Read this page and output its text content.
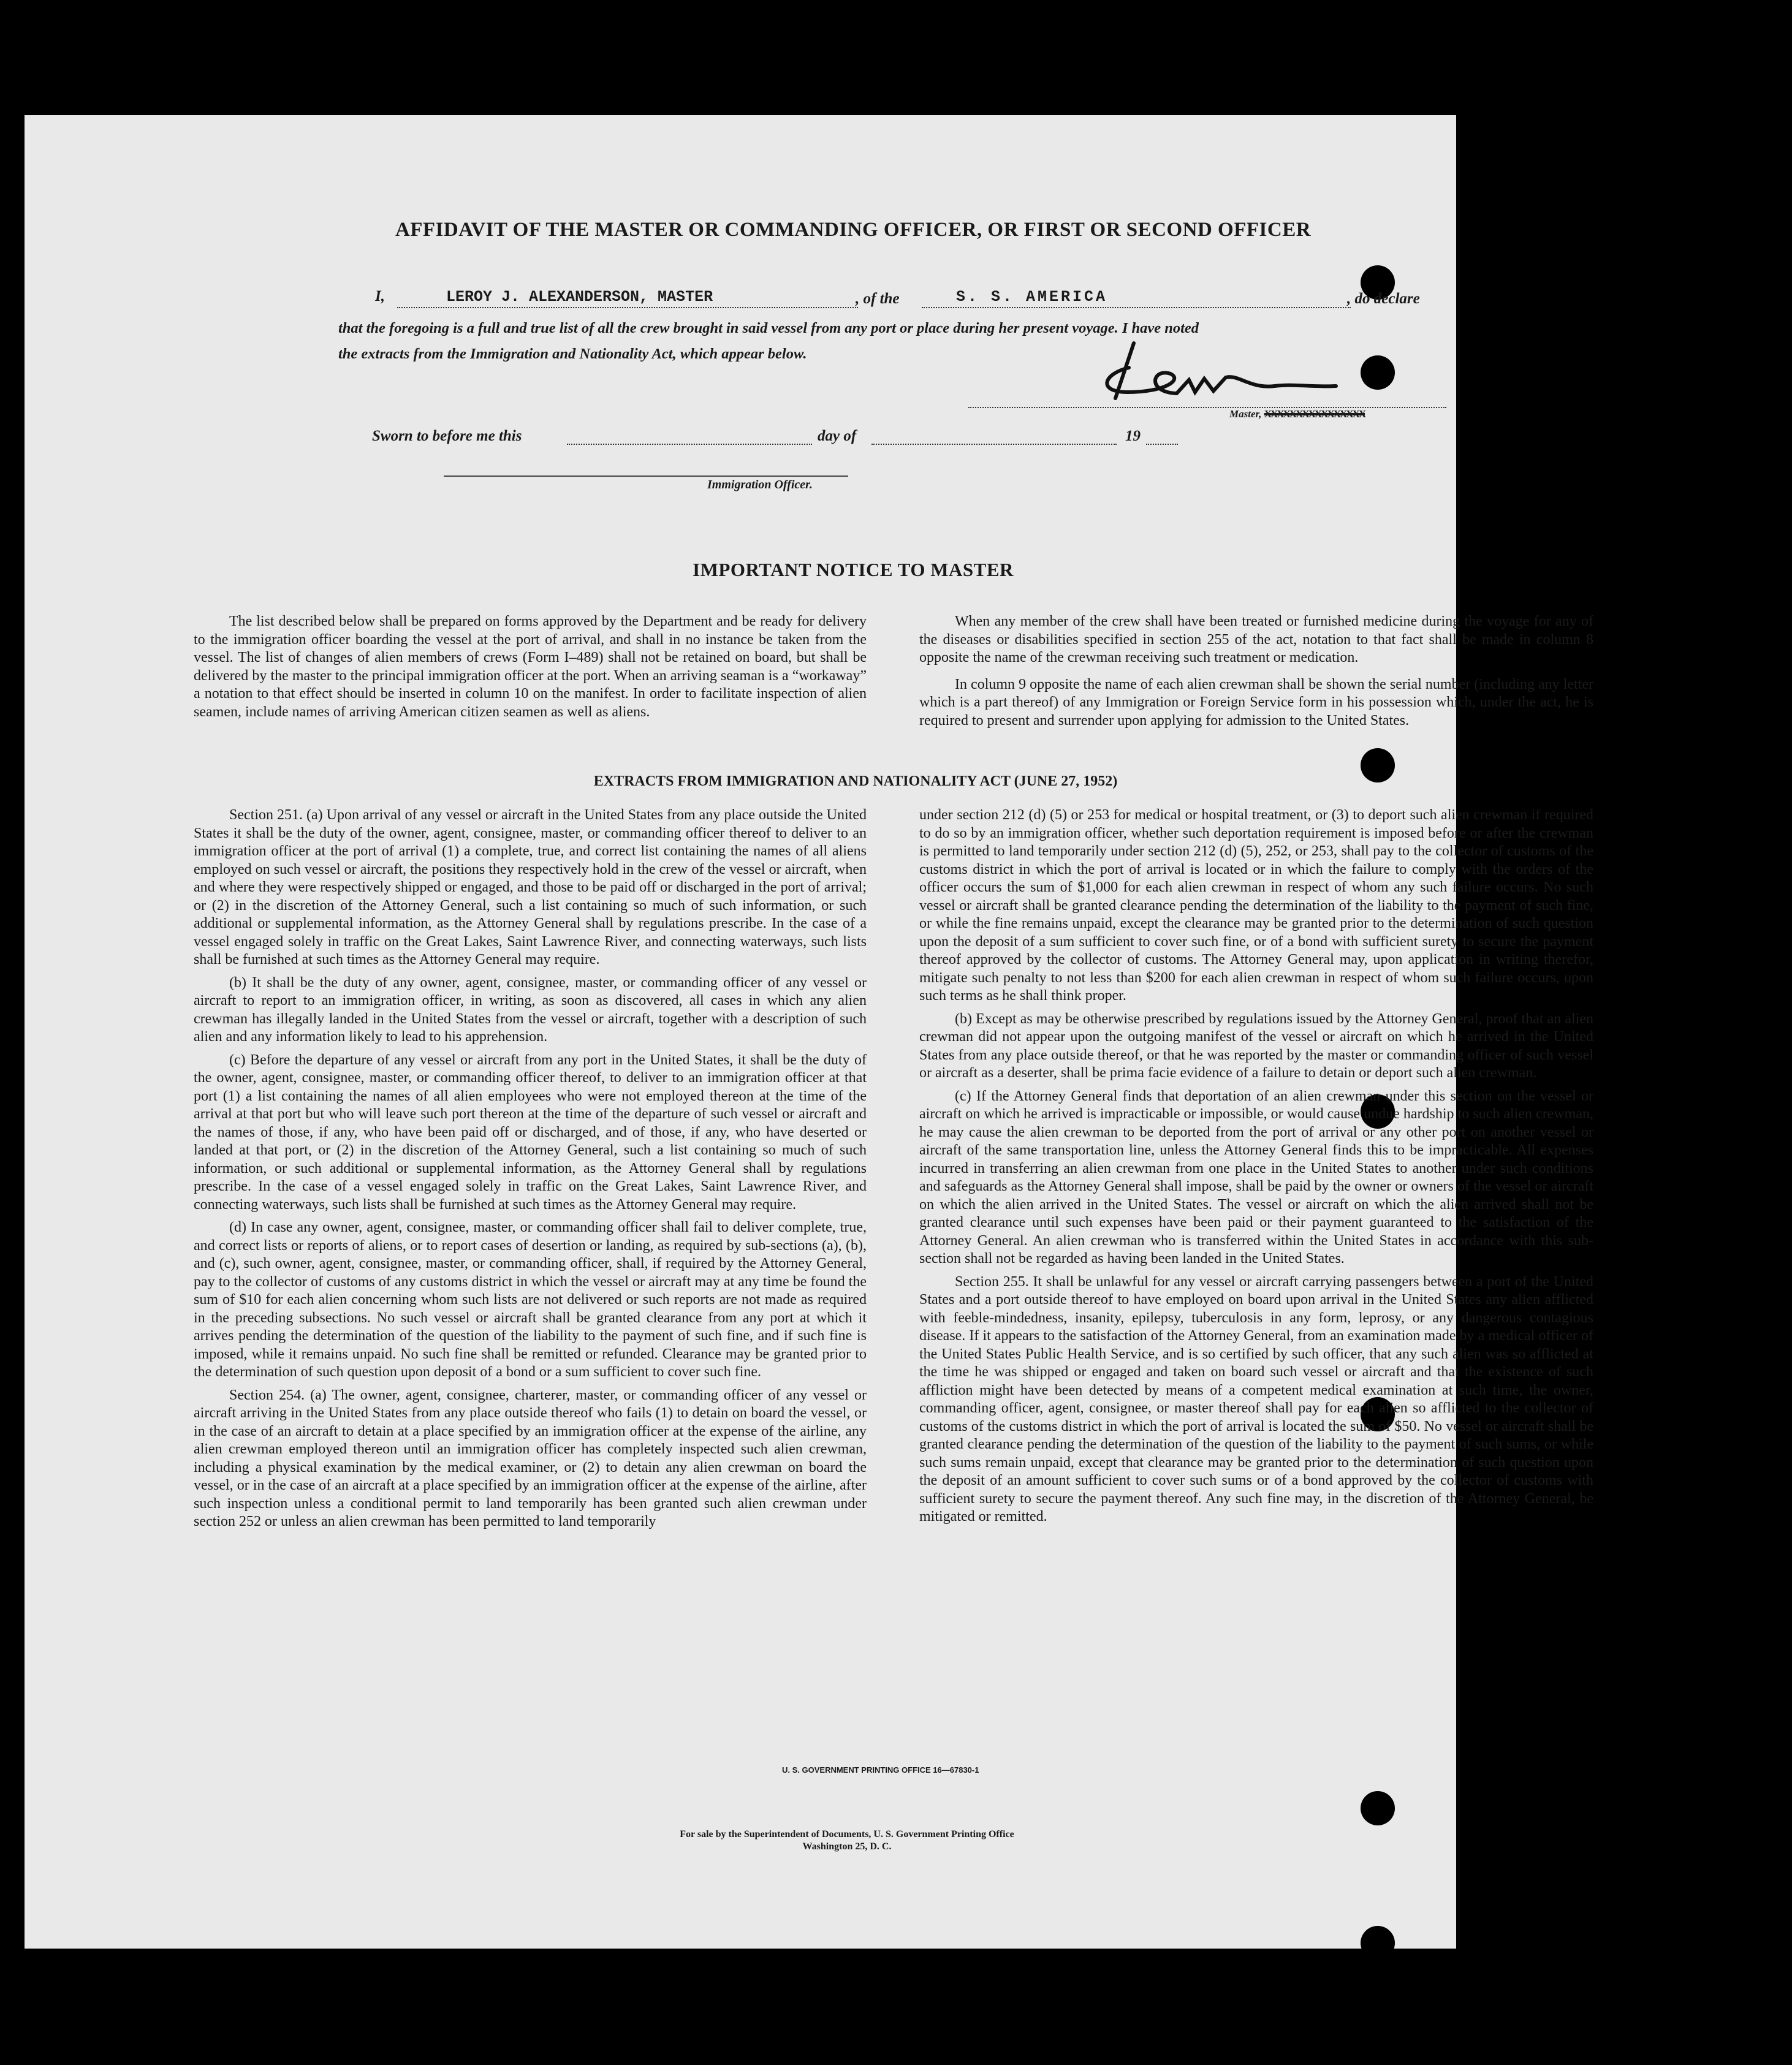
AFFIDAVIT OF THE MASTER OR COMMANDING OFFICER, OR FIRST OR SECOND OFFICER
I,	LEROY J. ALEXANDERSON, MASTER	, of the	S. S. AMERICA	, do declare
that the foregoing is a full and true list of all the crew brought in said vessel from any port or place during her present voyage. I have noted
the extracts from the Immigration and Nationality Act, which appear below.
Master, XXXXXXXXXXXXXXXX
Sworn to before me this	day of	19
Immigration Officer.
IMPORTANT NOTICE TO MASTER

The list described below shall be prepared on forms approved by the Department and be ready for delivery to the immigration officer boarding the vessel at the port of arrival, and shall in no instance be taken from the vessel. The list of changes of alien members of crews (Form I–489) shall not be retained on board, but shall be delivered by the master to the principal immigration officer at the port. When an arriving seaman is a “workaway” a notation to that effect should be inserted in column 10 on the manifest. In order to facilitate inspection of alien seamen, include names of arriving American citizen seamen as well as aliens.

When any member of the crew shall have been treated or furnished medicine during the voyage for any of the diseases or disabilities specified in section 255 of the act, notation to that fact shall be made in column 8 opposite the name of the crewman receiving such treatment or medication.

In column 9 opposite the name of each alien crewman shall be shown the serial number (including any letter which is a part thereof) of any Immigration or Foreign Service form in his possession which, under the act, he is required to present and surrender upon applying for admission to the United States.

EXTRACTS FROM IMMIGRATION AND NATIONALITY ACT (JUNE 27, 1952)

Section 251. (a) Upon arrival of any vessel or aircraft in the United States from any place outside the United States it shall be the duty of the owner, agent, consignee, master, or commanding officer thereof to deliver to an immigration officer at the port of arrival (1) a complete, true, and correct list containing the names of all aliens employed on such vessel or aircraft, the positions they respectively hold in the crew of the vessel or aircraft, when and where they were respectively shipped or engaged, and those to be paid off or discharged in the port of arrival; or (2) in the discretion of the Attorney General, such a list containing so much of such information, or such additional or supplemental information, as the Attorney General shall by regulations prescribe. In the case of a vessel engaged solely in traffic on the Great Lakes, Saint Lawrence River, and connecting waterways, such lists shall be furnished at such times as the Attorney General may require.

(b) It shall be the duty of any owner, agent, consignee, master, or commanding officer of any vessel or aircraft to report to an immigration officer, in writing, as soon as discovered, all cases in which any alien crewman has illegally landed in the United States from the vessel or aircraft, together with a description of such alien and any information likely to lead to his apprehension.

(c) Before the departure of any vessel or aircraft from any port in the United States, it shall be the duty of the owner, agent, consignee, master, or commanding officer thereof, to deliver to an immigration officer at that port (1) a list containing the names of all alien employees who were not employed thereon at the time of the arrival at that port but who will leave such port thereon at the time of the departure of such vessel or aircraft and the names of those, if any, who have been paid off or discharged, and of those, if any, who have deserted or landed at that port, or (2) in the discretion of the Attorney General, such a list containing so much of such information, or such additional or supplemental information, as the Attorney General shall by regulations prescribe. In the case of a vessel engaged solely in traffic on the Great Lakes, Saint Lawrence River, and connecting waterways, such lists shall be furnished at such times as the Attorney General may require.

(d) In case any owner, agent, consignee, master, or commanding officer shall fail to deliver complete, true, and correct lists or reports of aliens, or to report cases of desertion or landing, as required by sub-sections (a), (b), and (c), such owner, agent, consignee, master, or commanding officer, shall, if required by the Attorney General, pay to the collector of customs of any customs district in which the vessel or aircraft may at any time be found the sum of $10 for each alien concerning whom such lists are not delivered or such reports are not made as required in the preceding subsections. No such vessel or aircraft shall be granted clearance from any port at which it arrives pending the determination of the question of the liability to the payment of such fine, and if such fine is imposed, while it remains unpaid. No such fine shall be remitted or refunded. Clearance may be granted prior to the determination of such question upon deposit of a bond or a sum sufficient to cover such fine.

Section 254. (a) The owner, agent, consignee, charterer, master, or commanding officer of any vessel or aircraft arriving in the United States from any place outside thereof who fails (1) to detain on board the vessel, or in the case of an aircraft to detain at a place specified by an immigration officer at the expense of the airline, any alien crewman employed thereon until an immigration officer has completely inspected such alien crewman, including a physical examination by the medical examiner, or (2) to detain any alien crewman on board the vessel, or in the case of an aircraft at a place specified by an immigration officer at the expense of the airline, after such inspection unless a conditional permit to land temporarily has been granted such alien crewman under section 252 or unless an alien crewman has been permitted to land temporarily

under section 212 (d) (5) or 253 for medical or hospital treatment, or (3) to deport such alien crewman if required to do so by an immigration officer, whether such deportation requirement is imposed before or after the crewman is permitted to land temporarily under section 212 (d) (5), 252, or 253, shall pay to the collector of customs of the customs district in which the port of arrival is located or in which the failure to comply with the orders of the officer occurs the sum of $1,000 for each alien crewman in respect of whom any such failure occurs. No such vessel or aircraft shall be granted clearance pending the determination of the liability to the payment of such fine, or while the fine remains unpaid, except the clearance may be granted prior to the determination of such question upon the deposit of a sum sufficient to cover such fine, or of a bond with sufficient surety to secure the payment thereof approved by the collector of customs. The Attorney General may, upon application in writing therefor, mitigate such penalty to not less than $200 for each alien crewman in respect of whom such failure occurs, upon such terms as he shall think proper.

(b) Except as may be otherwise prescribed by regulations issued by the Attorney General, proof that an alien crewman did not appear upon the outgoing manifest of the vessel or aircraft on which he arrived in the United States from any place outside thereof, or that he was reported by the master or commanding officer of such vessel or aircraft as a deserter, shall be prima facie evidence of a failure to detain or deport such alien crewman.

(c) If the Attorney General finds that deportation of an alien crewman under this section on the vessel or aircraft on which he arrived is impracticable or impossible, or would cause undue hardship to such alien crewman, he may cause the alien crewman to be deported from the port of arrival or any other port on another vessel or aircraft of the same transportation line, unless the Attorney General finds this to be impracticable. All expenses incurred in transferring an alien crewman from one place in the United States to another under such conditions and safeguards as the Attorney General shall impose, shall be paid by the owner or owners of the vessel or aircraft on which the alien arrived in the United States. The vessel or aircraft on which the alien arrived shall not be granted clearance until such expenses have been paid or their payment guaranteed to the satisfaction of the Attorney General. An alien crewman who is transferred within the United States in accordance with this sub-section shall not be regarded as having been landed in the United States.

Section 255. It shall be unlawful for any vessel or aircraft carrying passengers between a port of the United States and a port outside thereof to have employed on board upon arrival in the United States any alien afflicted with feeble-mindedness, insanity, epilepsy, tuberculosis in any form, leprosy, or any dangerous contagious disease. If it appears to the satisfaction of the Attorney General, from an examination made by a medical officer of the United States Public Health Service, and is so certified by such officer, that any such alien was so afflicted at the time he was shipped or engaged and taken on board such vessel or aircraft and that the existence of such affliction might have been detected by means of a competent medical examination at such time, the owner, commanding officer, agent, consignee, or master thereof shall pay for each alien so afflicted to the collector of customs of the customs district in which the port of arrival is located the sum of $50. No vessel or aircraft shall be granted clearance pending the determination of the question of the liability to the payment of such sums, or while such sums remain unpaid, except that clearance may be granted prior to the determination of such question upon the deposit of an amount sufficient to cover such sums or of a bond approved by the collector of customs with sufficient surety to secure the payment thereof. Any such fine may, in the discretion of the Attorney General, be mitigated or remitted.

U. S. GOVERNMENT PRINTING OFFICE 16—67830-1
For sale by the Superintendent of Documents, U. S. Government Printing Office
Washington 25, D. C.
